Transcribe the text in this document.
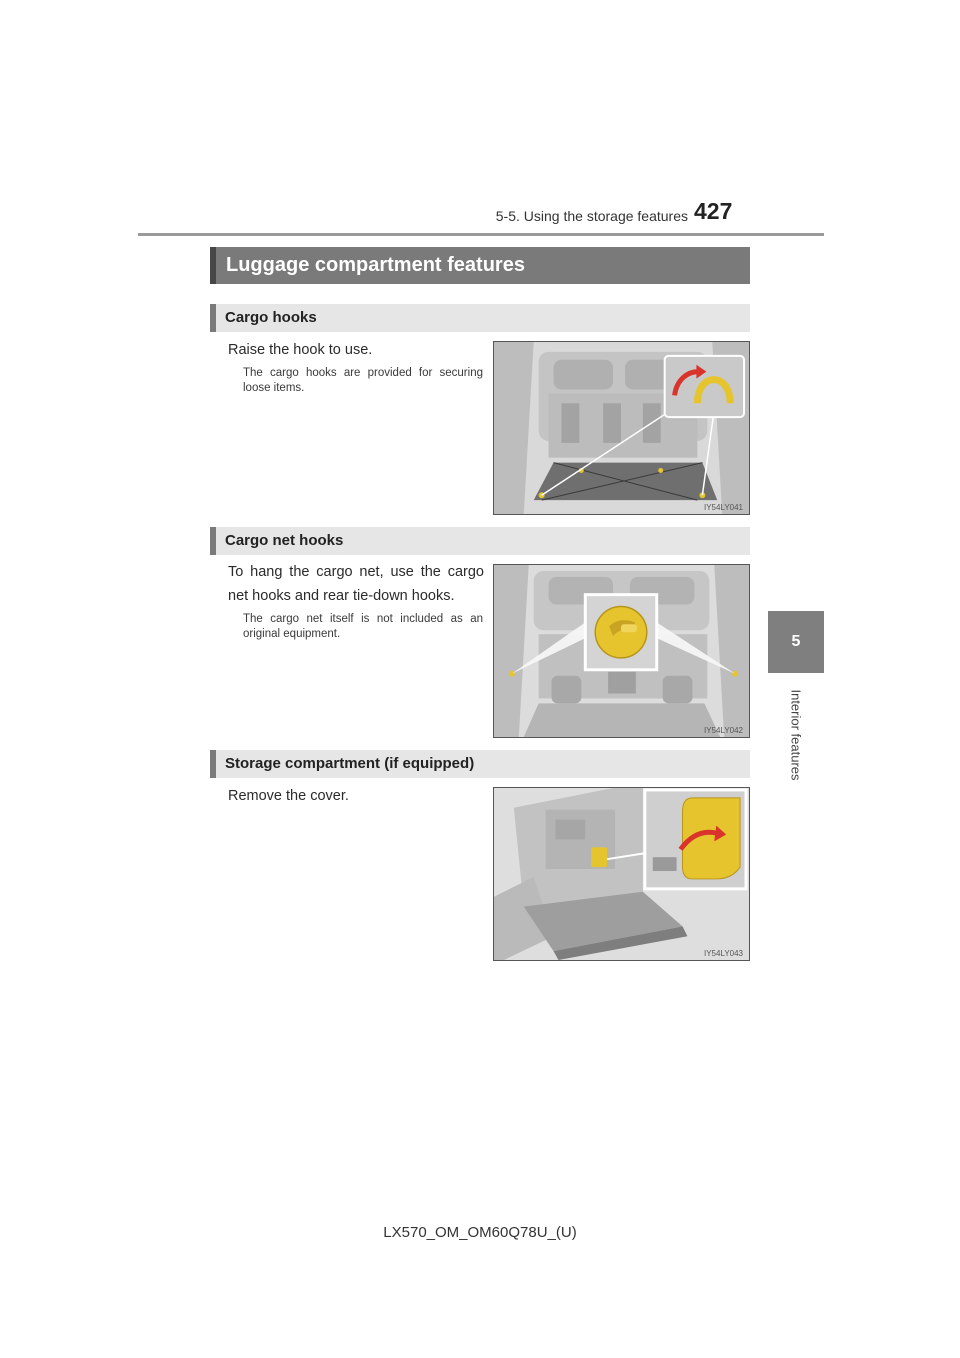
5-5. Using the storage features 427
5
Interior features
Luggage compartment features
Cargo hooks
Raise the hook to use.
The cargo hooks are provided for securing loose items.
IY54LY041
Cargo net hooks
To hang the cargo net, use the cargo net hooks and rear tie-down hooks.
The cargo net itself is not included as an original equipment.
IY54LY042
Storage compartment (if equipped)
Remove the cover.
IY54LY043
LX570_OM_OM60Q78U_(U)
